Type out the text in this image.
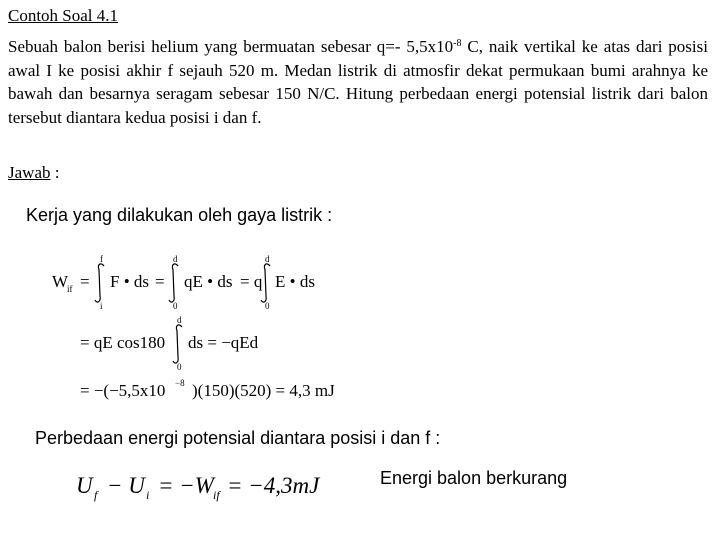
Contoh Soal 4.1

Sebuah balon berisi helium yang bermuatan sebesar q=- $5,5x10^{-8}$ C, naik vertikal ke atas dari posisi awal I ke posisi akhir f sejauh 520 m. Medan listrik di atmosfir dekat permukaan bumi arahnya ke bawah dan besarnya seragam sebesar 150 N/C. Hitung perbedaan energi potensial listrik dari balon tersebut diantara kedua posisi i dan f.

Jawab :
Kerja yang dilakukan oleh gaya listrik :
W
if =
f
i
F • ds =
d
0
qE • ds = q
d
0
E • ds
= qE cos180
d
0
ds = −qEd
= −(−5,5x10 −8 )(150)(520) = 4,3 mJ
U f − U i = −W if = −4,3mJ
Perbedaan energi potensial diantara posisi i dan f :
Energi balon berkurang
